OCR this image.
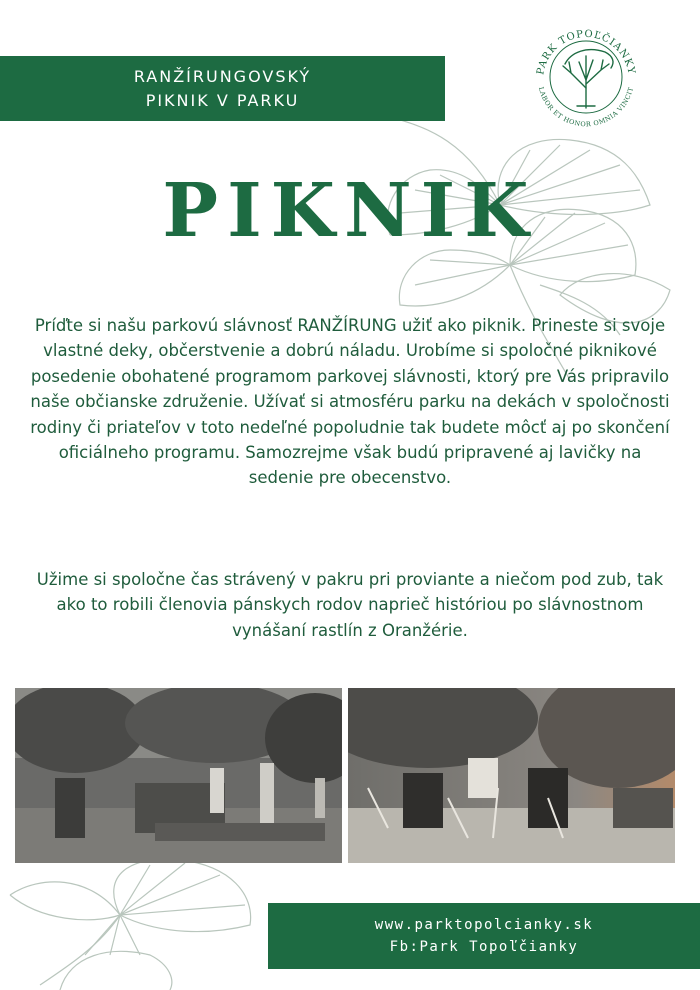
RANŽÍRUNGOVSKÝ
PIKNIK V PARKU
PARK TOPOĽČIANKY
LABOR ET HONOR OMNIA VINCIT
PIKNIK
Príďte si našu parkovú slávnosť RANŽÍRUNG užiť ako piknik. Prineste si svoje vlastné deky, občerstvenie a dobrú náladu. Urobíme si spoločné piknikové posedenie obohatené programom parkovej slávnosti, ktorý pre Vás pripravilo naše občianske združenie. Užívať si atmosféru parku na dekách v spoločnosti rodiny či priateľov v toto nedeľné popoludnie tak budete môcť aj po skončení oficiálneho programu. Samozrejme však budú pripravené aj lavičky na sedenie pre obecenstvo.
Užime si spoločne čas strávený v pakru pri proviante a niečom pod zub, tak ako to robili členovia pánskych rodov naprieč históriou po slávnostnom vynášaní rastlín z Oranžérie.
www.parktopolcianky.sk
Fb:Park Topoľčianky
